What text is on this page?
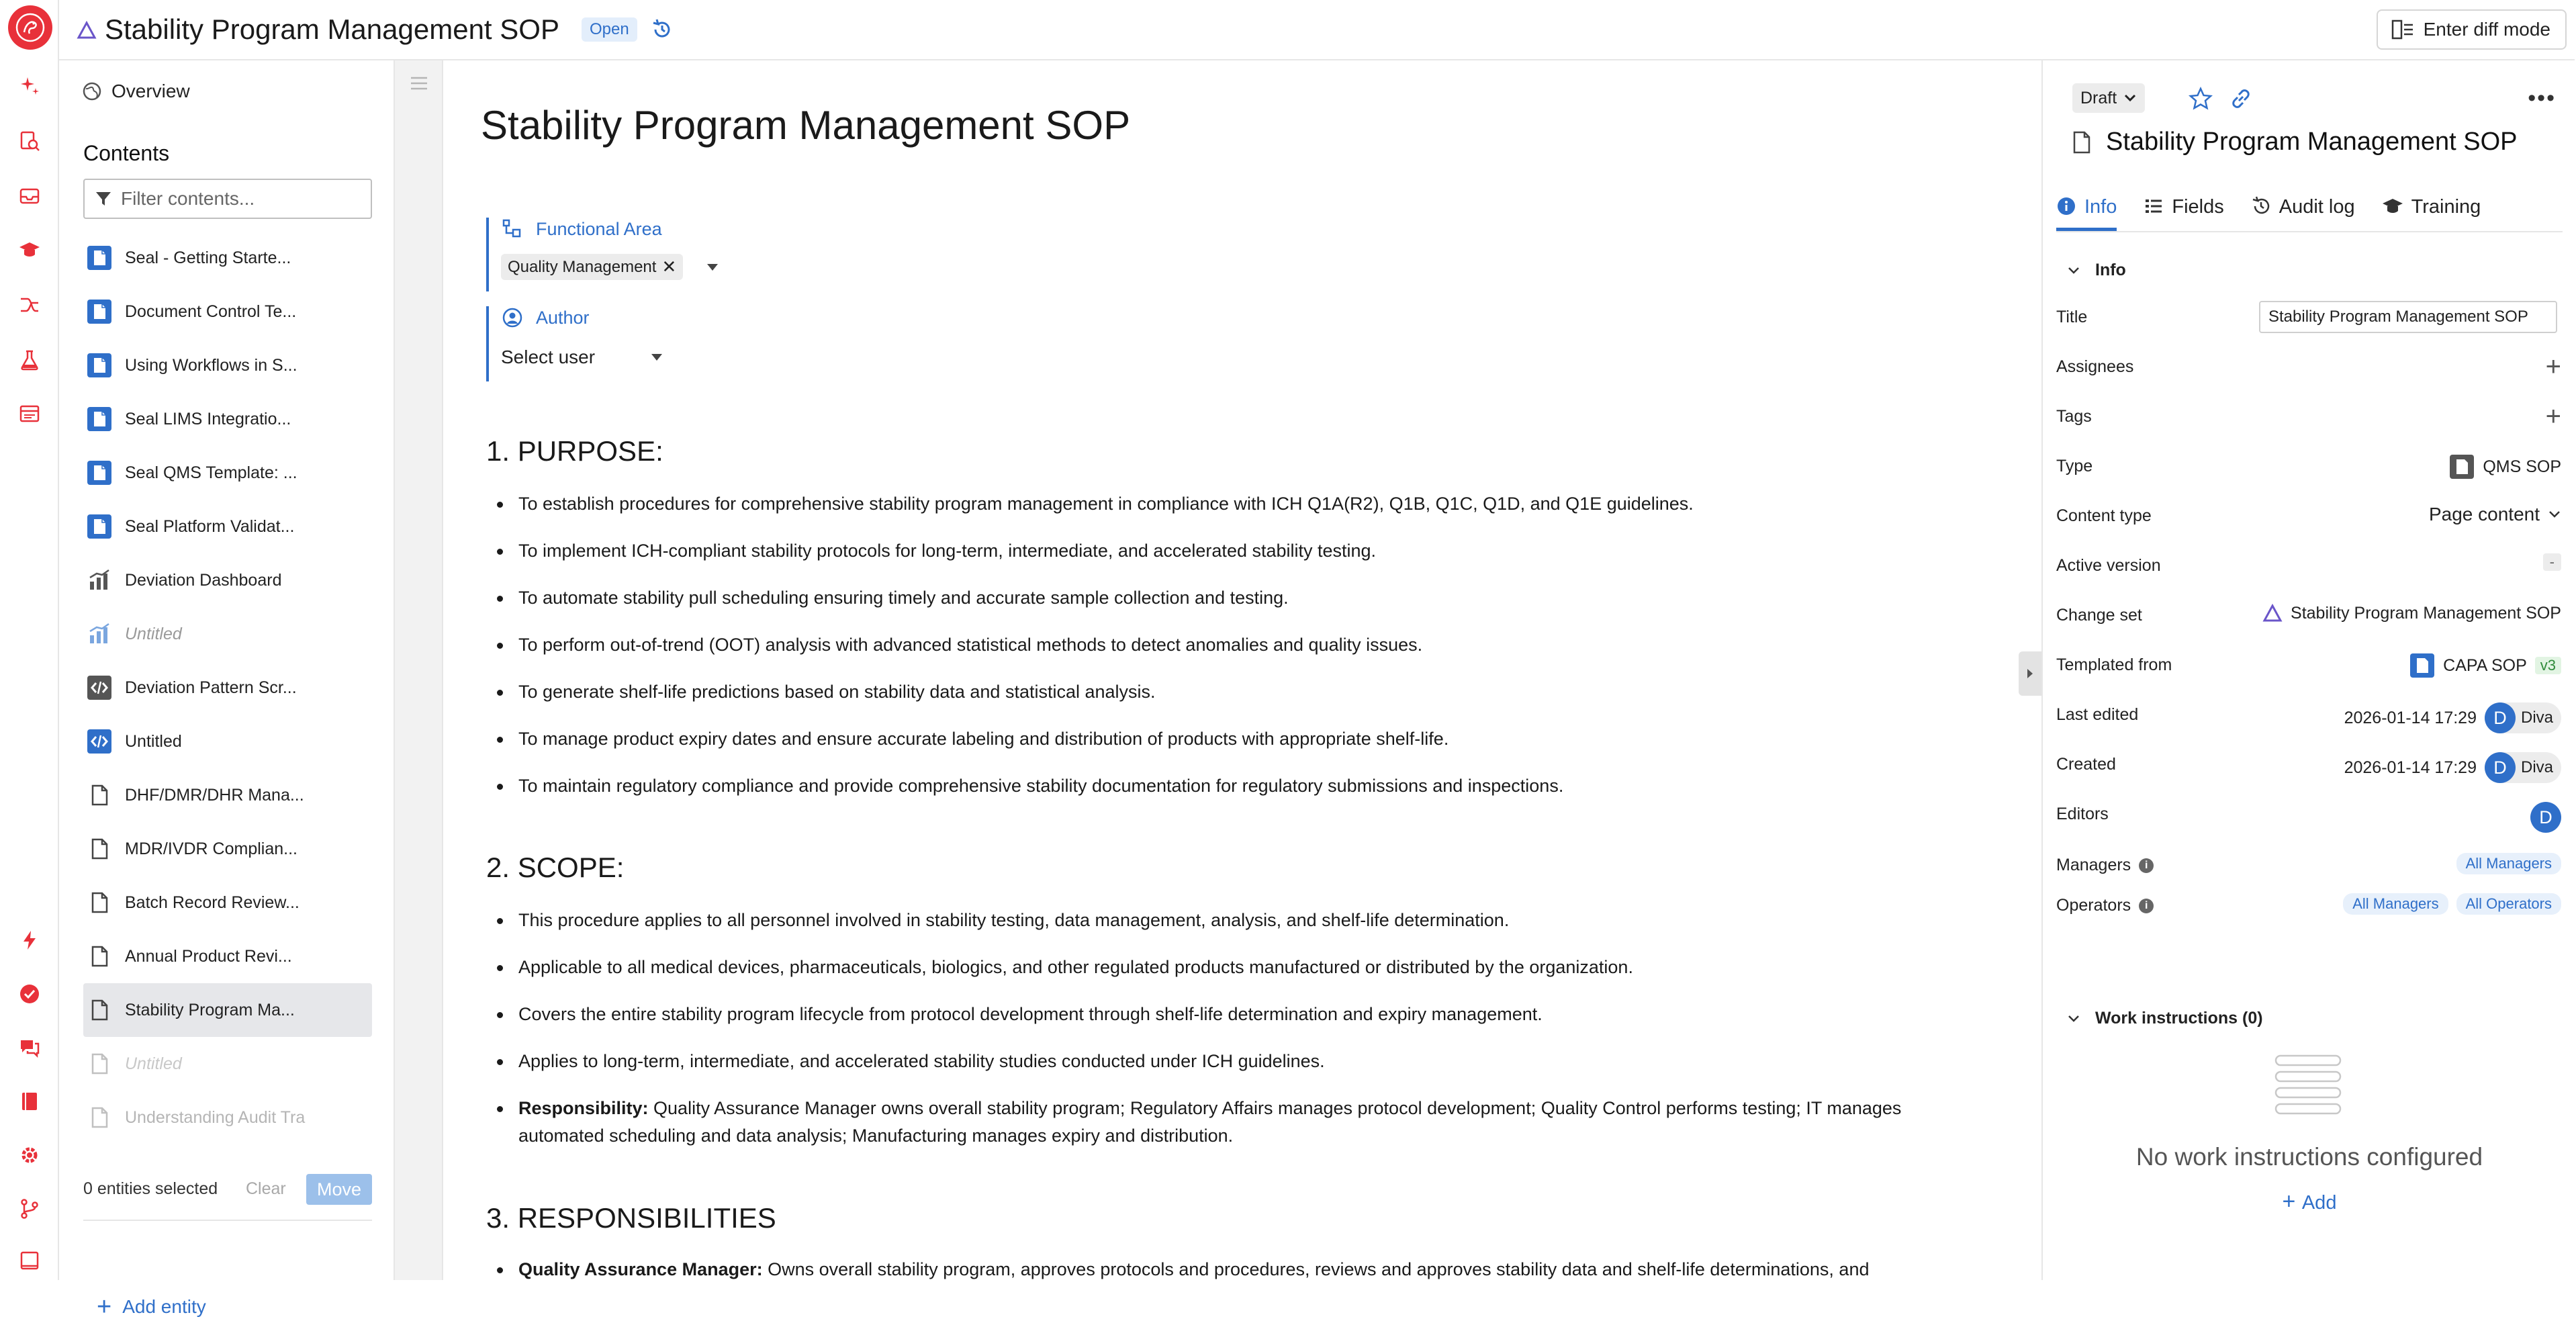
Stability Program Management SOP	Open	Enter diff mode
Overview
Contents
Filter contents...
Seal - Getting Starte...
Document Control Te...
Using Workflows in S...
Seal LIMS Integratio...
Seal QMS Template: ...
Seal Platform Validat...
Deviation Dashboard
Untitled
Deviation Pattern Scr...
Untitled
DHF/DMR/DHR Mana...
MDR/IVDR Complian...
Batch Record Review...
Annual Product Revi...
Stability Program Ma...
Untitled
Understanding Audit Tra
0 entities selected Clear	Move
+ Add entity
Stability Program Management SOP
Functional Area
Quality Management ✕
Author
Select user
1. PURPOSE:
To establish procedures for comprehensive stability program management in compliance with ICH Q1A(R2), Q1B, Q1C, Q1D, and Q1E guidelines.
To implement ICH-compliant stability protocols for long-term, intermediate, and accelerated stability testing.
To automate stability pull scheduling ensuring timely and accurate sample collection and testing.
To perform out-of-trend (OOT) analysis with advanced statistical methods to detect anomalies and quality issues.
To generate shelf-life predictions based on stability data and statistical analysis.
To manage product expiry dates and ensure accurate labeling and distribution of products with appropriate shelf-life.
To maintain regulatory compliance and provide comprehensive stability documentation for regulatory submissions and inspections.
2. SCOPE:
This procedure applies to all personnel involved in stability testing, data management, analysis, and shelf-life determination.
Applicable to all medical devices, pharmaceuticals, biologics, and other regulated products manufactured or distributed by the organization.
Covers the entire stability program lifecycle from protocol development through shelf-life determination and expiry management.
Applies to long-term, intermediate, and accelerated stability studies conducted under ICH guidelines.
Responsibility: Quality Assurance Manager owns overall stability program; Regulatory Affairs manages protocol development; Quality Control performs testing; IT manages automated scheduling and data analysis; Manufacturing manages expiry and distribution.
3. RESPONSIBILITIES
Quality Assurance Manager: Owns overall stability program, approves protocols and procedures, reviews and approves stability data and shelf-life determinations, and
Draft	•••
Stability Program Management SOP
Info	Fields	Audit log	Training
Info
Title
Stability Program Management SOP
Assignees	+
Tags	+
Type	QMS SOP
Content type	Page content
Active version	-
Change set	Stability Program Management SOP
Templated from	CAPA SOP v3
Last edited	2026-01-14 17:29 D Diva
Created	2026-01-14 17:29 D Diva
Editors	D
Managers	i	All Managers
Operators	i	All Managers	All Operators
Work instructions (0)
No work instructions configured
+ Add
